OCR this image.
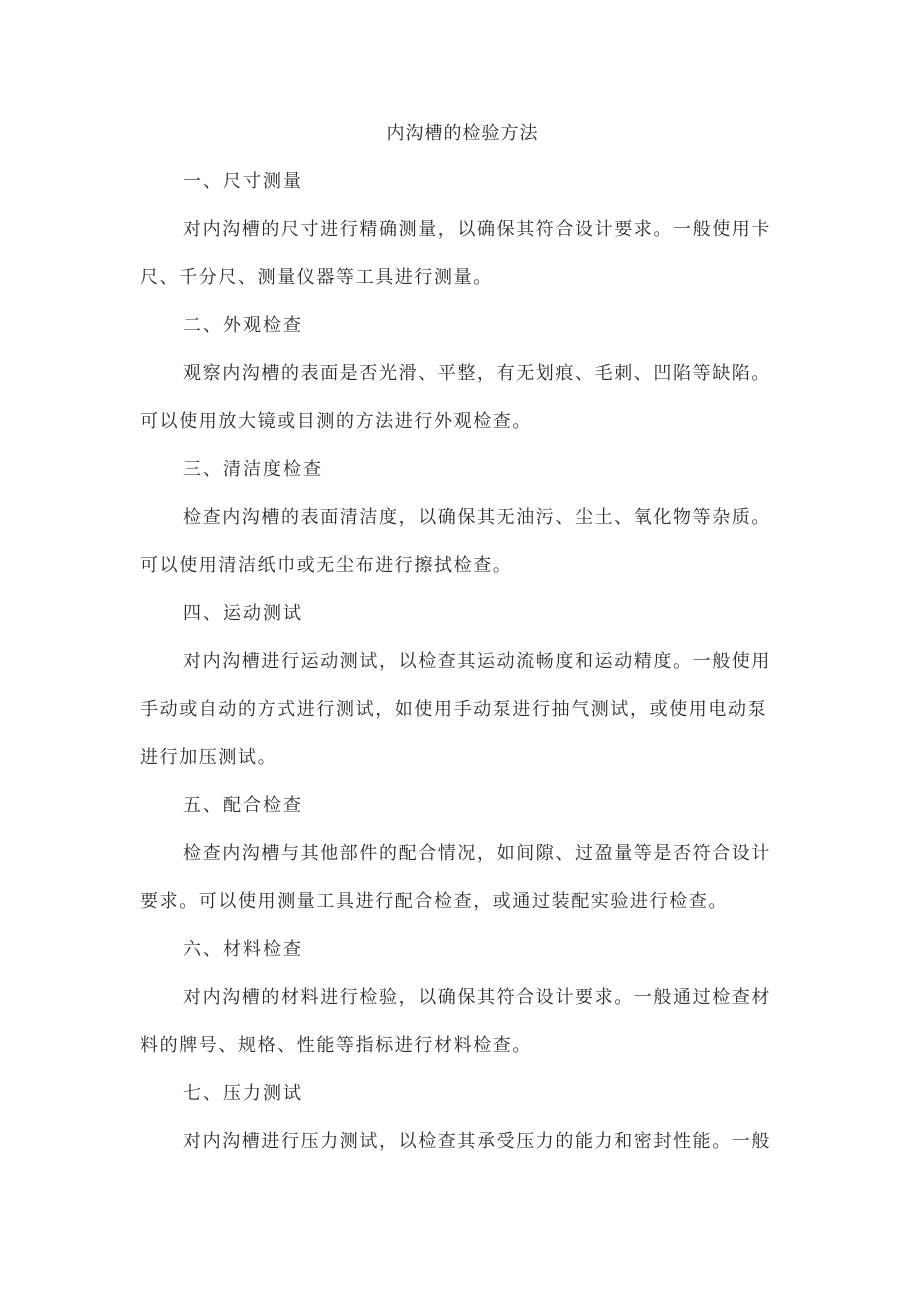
内沟槽的检验方法
一、尺寸测量

对内沟槽的尺寸进行精确测量，以确保其符合设计要求。一般使用卡
尺、千分尺、测量仪器等工具进行测量。

二、外观检查

观察内沟槽的表面是否光滑、平整，有无划痕、毛刺、凹陷等缺陷。
可以使用放大镜或目测的方法进行外观检查。

三、清洁度检查

检查内沟槽的表面清洁度，以确保其无油污、尘土、氧化物等杂质。
可以使用清洁纸巾或无尘布进行擦拭检查。

四、运动测试

对内沟槽进行运动测试，以检查其运动流畅度和运动精度。一般使用
手动或自动的方式进行测试，如使用手动泵进行抽气测试，或使用电动泵
进行加压测试。

五、配合检查

检查内沟槽与其他部件的配合情况，如间隙、过盈量等是否符合设计
要求。可以使用测量工具进行配合检查，或通过装配实验进行检查。

六、材料检查

对内沟槽的材料进行检验，以确保其符合设计要求。一般通过检查材
料的牌号、规格、性能等指标进行材料检查。

七、压力测试

对内沟槽进行压力测试，以检查其承受压力的能力和密封性能。一般
